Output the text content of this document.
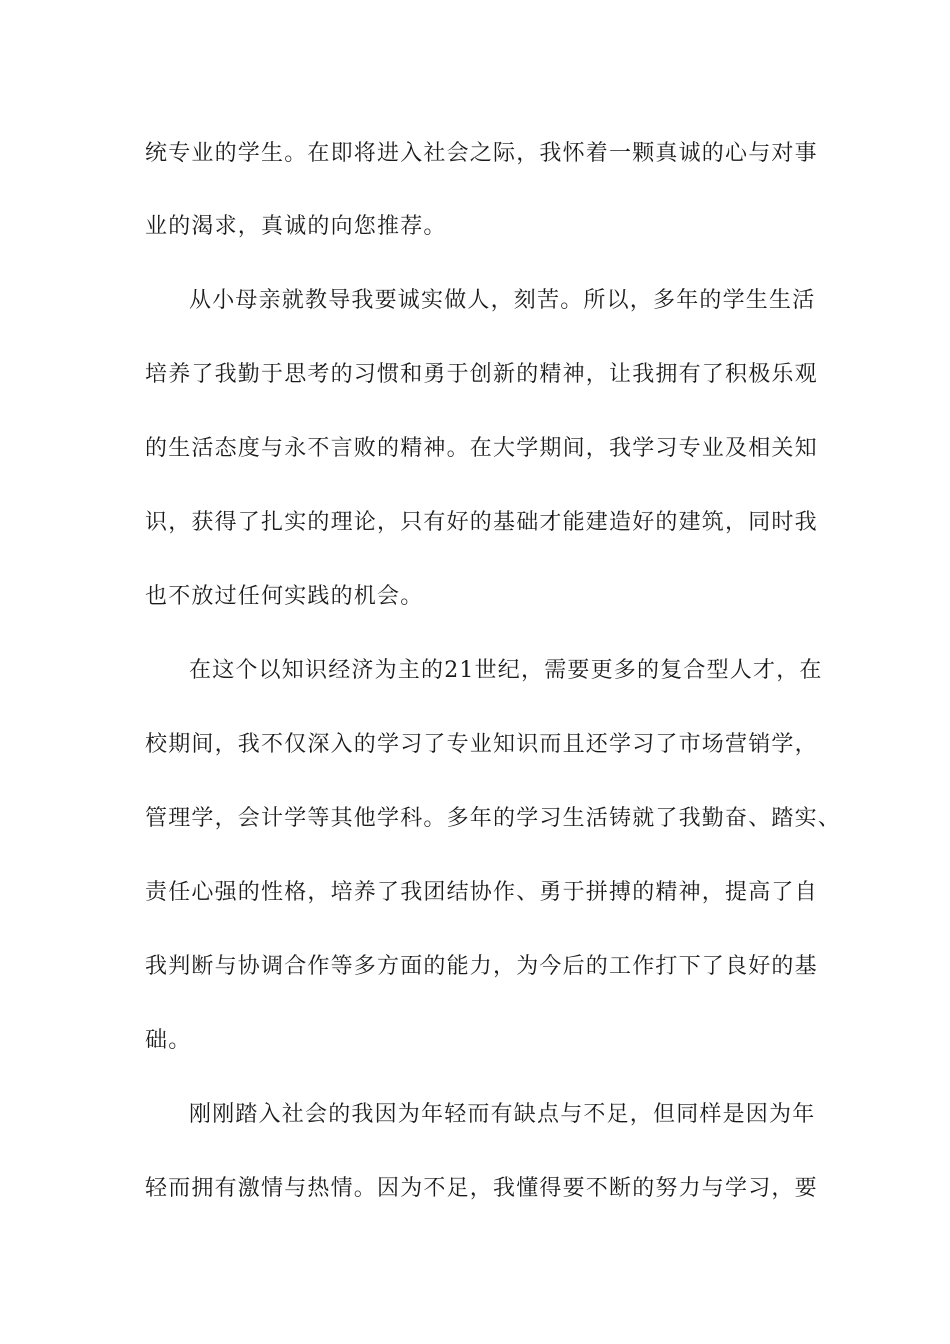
统专业的学生。在即将进入社会之际，我怀着一颗真诚的心与对事
业的渴求，真诚的向您推荐。
从小母亲就教导我要诚实做人，刻苦。所以，多年的学生生活
培养了我勤于思考的习惯和勇于创新的精神，让我拥有了积极乐观
的生活态度与永不言败的精神。在大学期间，我学习专业及相关知
识，获得了扎实的理论，只有好的基础才能建造好的建筑，同时我
也不放过任何实践的机会。
在这个以知识经济为主的21世纪，需要更多的复合型人才，在
校期间，我不仅深入的学习了专业知识而且还学习了市场营销学，
管理学，会计学等其他学科。多年的学习生活铸就了我勤奋、踏实、
责任心强的性格，培养了我团结协作、勇于拼搏的精神，提高了自
我判断与协调合作等多方面的能力，为今后的工作打下了良好的基
础。
刚刚踏入社会的我因为年轻而有缺点与不足，但同样是因为年
轻而拥有激情与热情。因为不足，我懂得要不断的努力与学习，要
